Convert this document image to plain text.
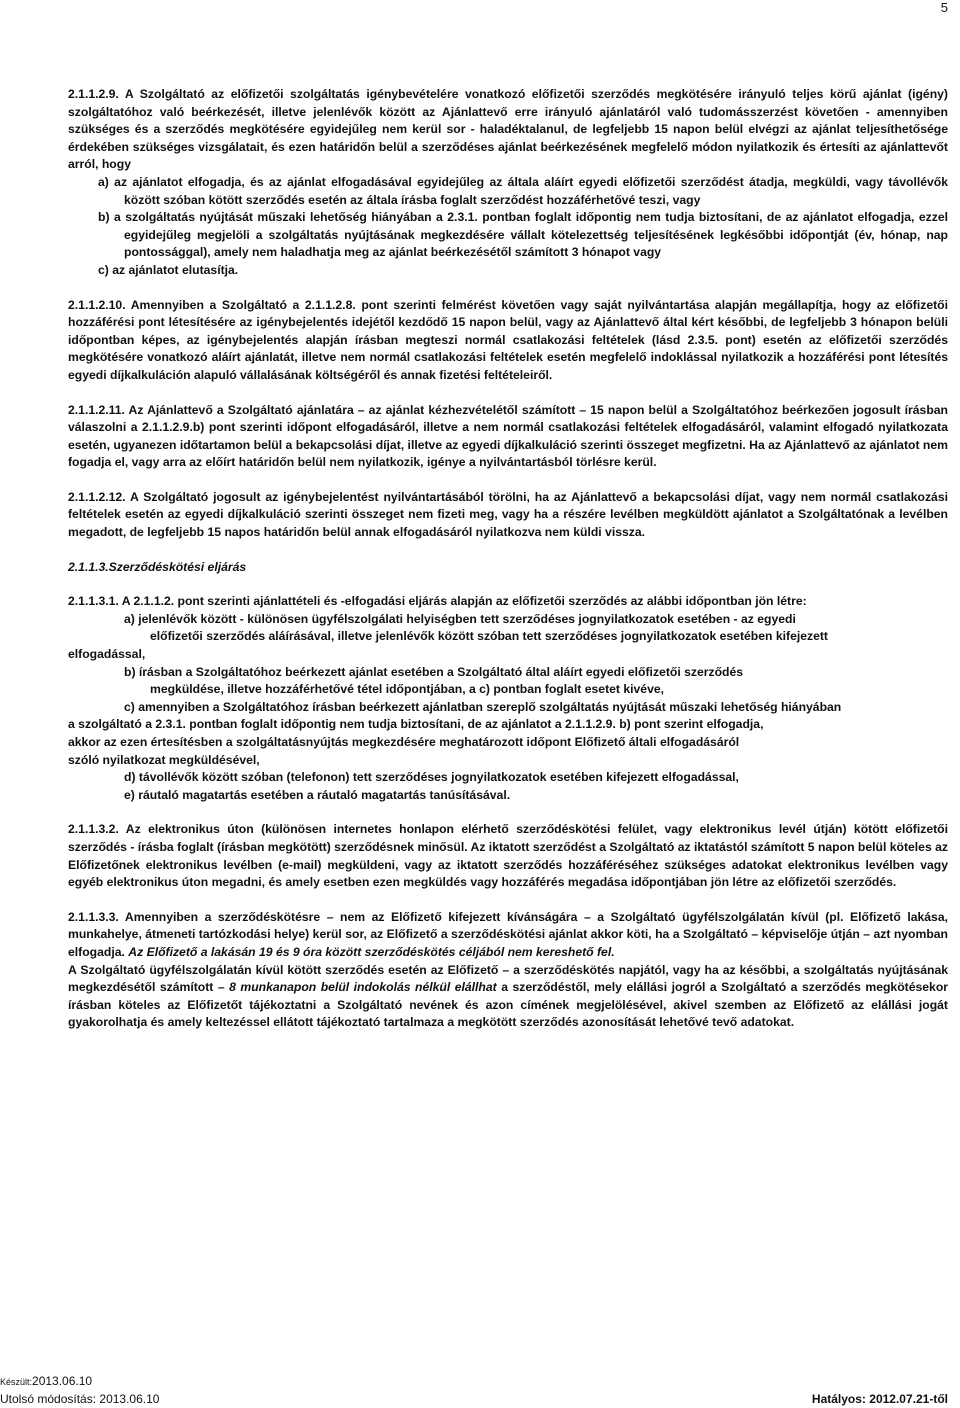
5

2.1.1.2.9. A Szolgáltató az előfizetői szolgáltatás igénybevételére vonatkozó előfizetői szerződés megkötésére irányuló teljes körű ajánlat (igény) szolgáltatóhoz való beérkezését, illetve jelenlévők között az Ajánlattevő erre irányuló ajánlatáról való tudomásszerzést követően - amennyiben szükséges és a szerződés megkötésére egyidejűleg nem kerül sor - haladéktalanul, de legfeljebb 15 napon belül elvégzi az ajánlat teljesíthetősége érdekében szükséges vizsgálatait, és ezen határidőn belül a szerződéses ajánlat beérkezésének megfelelő módon nyilatkozik és értesíti az ajánlattevőt arról, hogy

a) az ajánlatot elfogadja, és az ajánlat elfogadásával egyidejűleg az általa aláírt egyedi előfizetői szerződést átadja, megküldi, vagy távollévők között szóban kötött szerződés esetén az általa írásba foglalt szerződést hozzáférhetővé teszi, vagy

b) a szolgáltatás nyújtását műszaki lehetőség hiányában a 2.3.1. pontban foglalt időpontig nem tudja biztosítani, de az ajánlatot elfogadja, ezzel egyidejűleg megjelöli a szolgáltatás nyújtásának megkezdésére vállalt kötelezettség teljesítésének legkésőbbi időpontját (év, hónap, nap pontossággal), amely nem haladhatja meg az ajánlat beérkezésétől számított 3 hónapot vagy

c) az ajánlatot elutasítja.

2.1.1.2.10. Amennyiben a Szolgáltató a 2.1.1.2.8. pont szerinti felmérést követően vagy saját nyilvántartása alapján megállapítja, hogy az előfizetői hozzáférési pont létesítésére az igénybejelentés idejétől kezdődő 15 napon belül, vagy az Ajánlattevő által kért későbbi, de legfeljebb 3 hónapon belüli időpontban képes, az igénybejelentés alapján írásban megteszi normál csatlakozási feltételek (lásd 2.3.5. pont) esetén az előfizetői szerződés megkötésére vonatkozó aláírt ajánlatát, illetve nem normál csatlakozási feltételek esetén megfelelő indoklással nyilatkozik a hozzáférési pont létesítés egyedi díjkalkuláción alapuló vállalásának költségéről és annak fizetési feltételeiről.

2.1.1.2.11. Az Ajánlattevő a Szolgáltató ajánlatára – az ajánlat kézhezvételétől számított – 15 napon belül a Szolgáltatóhoz beérkezően jogosult írásban válaszolni a 2.1.1.2.9.b) pont szerinti időpont elfogadásáról, illetve a nem normál csatlakozási feltételek elfogadásáról, valamint elfogadó nyilatkozata esetén, ugyanezen időtartamon belül a bekapcsolási díjat, illetve az egyedi díjkalkuláció szerinti összeget megfizetni. Ha az Ajánlattevő az ajánlatot nem fogadja el, vagy arra az előírt határidőn belül nem nyilatkozik, igénye a nyilvántartásból törlésre kerül.

2.1.1.2.12. A Szolgáltató jogosult az igénybejelentést nyilvántartásából törölni, ha az Ajánlattevő a bekapcsolási díjat, vagy nem normál csatlakozási feltételek esetén az egyedi díjkalkuláció szerinti összeget nem fizeti meg, vagy ha a részére levélben megküldött ajánlatot a Szolgáltatónak a levélben megadott, de legfeljebb 15 napos határidőn belül annak elfogadásáról nyilatkozva nem küldi vissza.

2.1.1.3.Szerződéskötési eljárás

2.1.1.3.1. A 2.1.1.2. pont szerinti ajánlattételi és -elfogadási eljárás alapján az előfizetői szerződés az alábbi időpontban jön létre:

a) jelenlévők között - különösen ügyfélszolgálati helyiségben tett szerződéses jognyilatkozatok esetében - az egyedi

előfizetői szerződés aláírásával, illetve jelenlévők között szóban tett szerződéses jognyilatkozatok esetében kifejezett

elfogadással,

b) írásban a Szolgáltatóhoz beérkezett ajánlat esetében a Szolgáltató által aláírt egyedi előfizetői szerződés

megküldése, illetve hozzáférhetővé tétel időpontjában, a c) pontban foglalt esetet kivéve,

c) amennyiben a Szolgáltatóhoz írásban beérkezett ajánlatban szereplő szolgáltatás nyújtását műszaki lehetőség hiányában

a szolgáltató a 2.3.1. pontban foglalt időpontig nem tudja biztosítani, de az ajánlatot a 2.1.1.2.9. b) pont szerint elfogadja,

akkor az ezen értesítésben a szolgáltatásnyújtás megkezdésére meghatározott időpont Előfizető általi elfogadásáról

szóló nyilatkozat megküldésével,

d) távollévők között szóban (telefonon) tett szerződéses jognyilatkozatok esetében kifejezett elfogadással,

e) ráutaló magatartás esetében a ráutaló magatartás tanúsításával.

2.1.1.3.2. Az elektronikus úton (különösen internetes honlapon elérhető szerződéskötési felület, vagy elektronikus levél útján) kötött előfizetői szerződés - írásba foglalt (írásban megkötött) szerződésnek minősül. Az iktatott szerződést a Szolgáltató az iktatástól számított 5 napon belül köteles az Előfizetőnek elektronikus levélben (e-mail) megküldeni, vagy az iktatott szerződés hozzáféréséhez szükséges adatokat elektronikus levélben vagy egyéb elektronikus úton megadni, és amely esetben ezen megküldés vagy hozzáférés megadása időpontjában jön létre az előfizetői szerződés.

2.1.1.3.3. Amennyiben a szerződéskötésre – nem az Előfizető kifejezett kívánságára – a Szolgáltató ügyfélszolgálatán kívül (pl. Előfizető lakása, munkahelye, átmeneti tartózkodási helye) kerül sor, az Előfizető a szerződéskötési ajánlat akkor köti, ha a Szolgáltató – képviselője útján – azt nyomban elfogadja. Az Előfizető a lakásán 19 és 9 óra között szerződéskötés céljából nem kereshető fel.

A Szolgáltató ügyfélszolgálatán kívül kötött szerződés esetén az Előfizető – a szerződéskötés napjától, vagy ha az későbbi, a szolgáltatás nyújtásának megkezdésétől számított – 8 munkanapon belül indokolás nélkül elállhat a szerződéstől, mely elállási jogról a Szolgáltató a szerződés megkötésekor írásban köteles az Előfizetőt tájékoztatni a Szolgáltató nevének és azon címének megjelölésével, akivel szemben az Előfizető az elállási jogát gyakorolhatja és amely keltezéssel ellátott tájékoztató tartalmaza a megkötött szerződés azonosítását lehetővé tevő adatokat.

Készült:2013.06.10
Utolsó módosítás: 2013.06.10	Hatályos: 2012.07.21-től
